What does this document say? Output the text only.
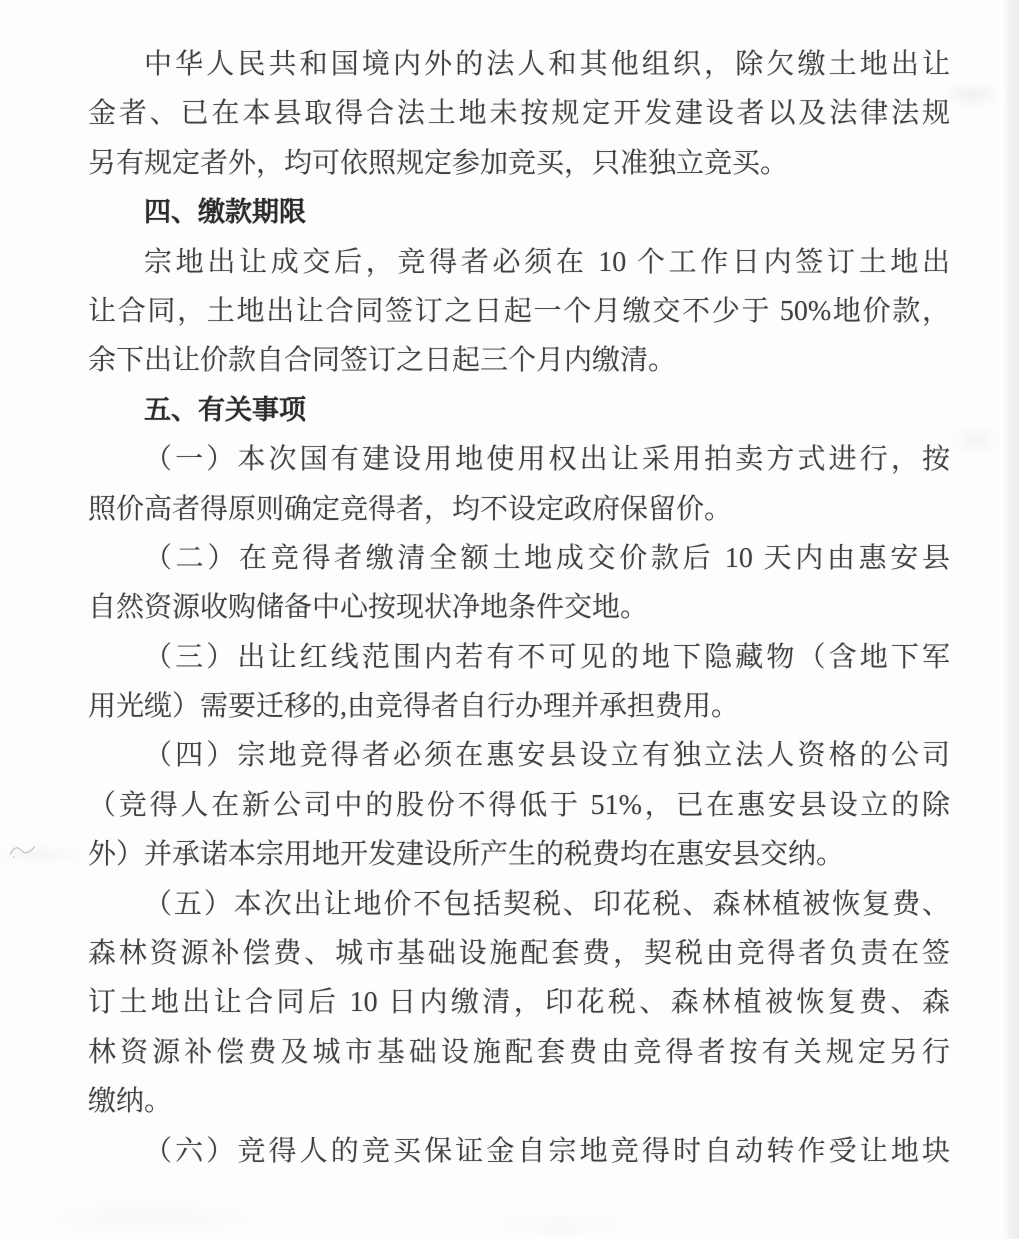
中华人民共和国境内外的法人和其他组织，除欠缴土地出让
金者、已在本县取得合法土地未按规定开发建设者以及法律法规
另有规定者外，均可依照规定参加竞买，只准独立竞买。
四、缴款期限
宗地出让成交后，竞得者必须在 10 个工作日内签订土地出
让合同，土地出让合同签订之日起一个月缴交不少于 50%地价款，
余下出让价款自合同签订之日起三个月内缴清。
五、有关事项
（一）本次国有建设用地使用权出让采用拍卖方式进行，按
照价高者得原则确定竞得者，均不设定政府保留价。
（二）在竞得者缴清全额土地成交价款后 10 天内由惠安县
自然资源收购储备中心按现状净地条件交地。
（三）出让红线范围内若有不可见的地下隐藏物（含地下军
用光缆）需要迁移的,由竞得者自行办理并承担费用。
（四）宗地竞得者必须在惠安县设立有独立法人资格的公司
（竞得人在新公司中的股份不得低于 51%，已在惠安县设立的除
外）并承诺本宗用地开发建设所产生的税费均在惠安县交纳。
（五）本次出让地价不包括契税、印花税、森林植被恢复费、
森林资源补偿费、城市基础设施配套费，契税由竞得者负责在签
订土地出让合同后 10 日内缴清，印花税、森林植被恢复费、森
林资源补偿费及城市基础设施配套费由竞得者按有关规定另行
缴纳。
（六）竞得人的竞买保证金自宗地竞得时自动转作受让地块
